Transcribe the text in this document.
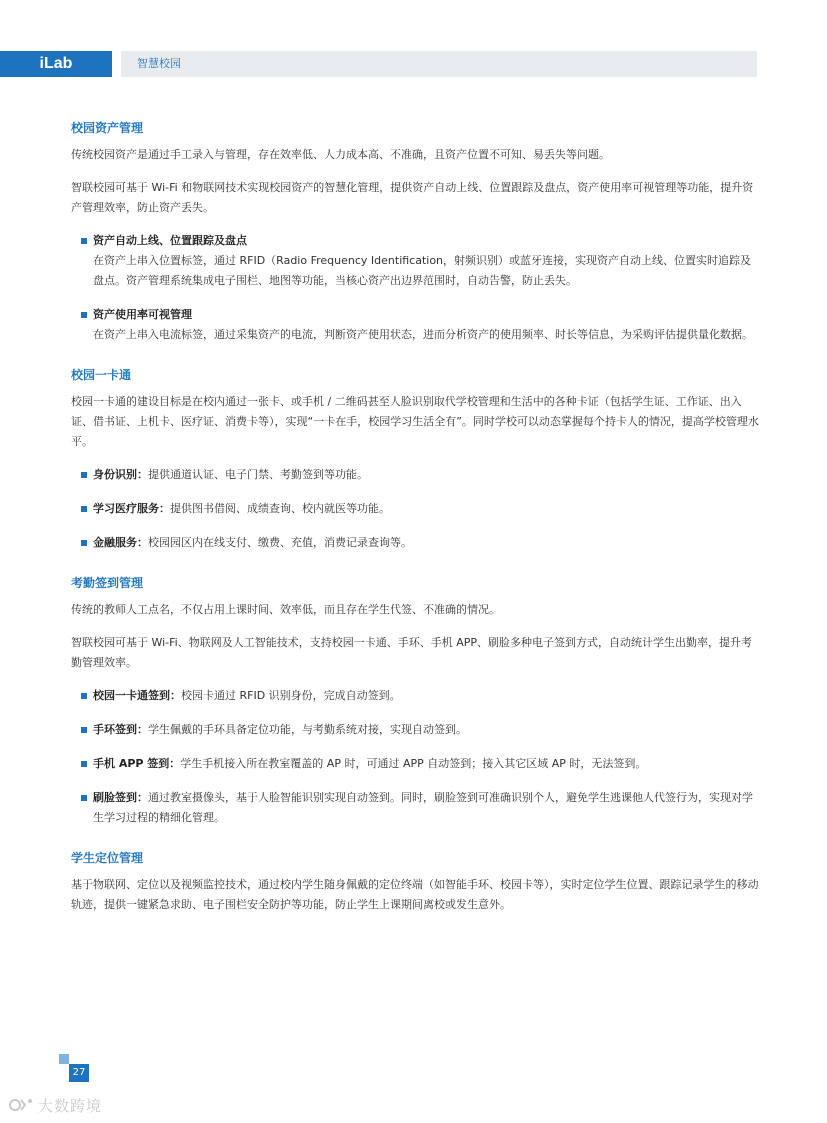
iLab	智慧校园
校园资产管理

传统校园资产是通过手工录入与管理，存在效率低、人力成本高、不准确，且资产位置不可知、易丢失等问题。

智联校园可基于 Wi-Fi 和物联网技术实现校园资产的智慧化管理，提供资产自动上线、位置跟踪及盘点，资产使用率可视管理等功能，提升资产管理效率，防止资产丢失。

资产自动上线、位置跟踪及盘点

在资产上串入位置标签，通过 RFID（Radio Frequency Identification，射频识别）或蓝牙连接，实现资产自动上线、位置实时追踪及盘点。资产管理系统集成电子围栏、地图等功能，当核心资产出边界范围时，自动告警，防止丢失。

资产使用率可视管理

在资产上串入电流标签，通过采集资产的电流，判断资产使用状态，进而分析资产的使用频率、时长等信息，为采购评估提供量化数据。

校园一卡通

校园一卡通的建设目标是在校内通过一张卡、或手机 / 二维码甚至人脸识别取代学校管理和生活中的各种卡证（包括学生证、工作证、出入证、借书证、上机卡、医疗证、消费卡等），实现“一卡在手，校园学习生活全有”。同时学校可以动态掌握每个持卡人的情况，提高学校管理水平。

身份识别：提供通道认证、电子门禁、考勤签到等功能。

学习医疗服务：提供图书借阅、成绩查询、校内就医等功能。

金融服务：校园园区内在线支付、缴费、充值，消费记录查询等。

考勤签到管理

传统的教师人工点名，不仅占用上课时间、效率低，而且存在学生代签、不准确的情况。

智联校园可基于 Wi-Fi、物联网及人工智能技术，支持校园一卡通、手环、手机 APP、刷脸多种电子签到方式，自动统计学生出勤率，提升考勤管理效率。

校园一卡通签到：校园卡通过 RFID 识别身份，完成自动签到。

手环签到：学生佩戴的手环具备定位功能，与考勤系统对接，实现自动签到。

手机 APP 签到：学生手机接入所在教室覆盖的 AP 时，可通过 APP 自动签到；接入其它区域 AP 时，无法签到。

刷脸签到：通过教室摄像头，基于人脸智能识别实现自动签到。同时，刷脸签到可准确识别个人，避免学生逃课他人代签行为，实现对学生学习过程的精细化管理。

学生定位管理

基于物联网、定位以及视频监控技术，通过校内学生随身佩戴的定位终端（如智能手环、校园卡等），实时定位学生位置、跟踪记录学生的移动轨迹，提供一键紧急求助、电子围栏安全防护等功能，防止学生上课期间离校或发生意外。

27
大数跨境
